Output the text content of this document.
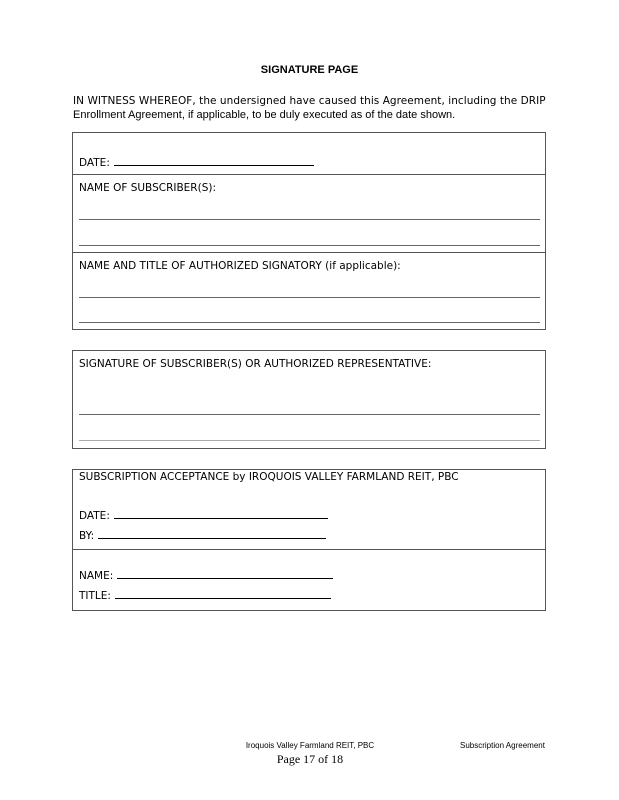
SIGNATURE PAGE
IN WITNESS WHEREOF, the undersigned have caused this Agreement, including the DRIP
Enrollment Agreement, if applicable, to be duly executed as of the date shown.
DATE:
NAME OF SUBSCRIBER(S):
NAME AND TITLE OF AUTHORIZED SIGNATORY (if applicable):
SIGNATURE OF SUBSCRIBER(S) OR AUTHORIZED REPRESENTATIVE:
SUBSCRIPTION ACCEPTANCE by IROQUOIS VALLEY FARMLAND REIT, PBC
DATE:
BY:
NAME:
TITLE:
Iroquois Valley Farmland REIT, PBC	Subscription Agreement
Page 17 of 18
